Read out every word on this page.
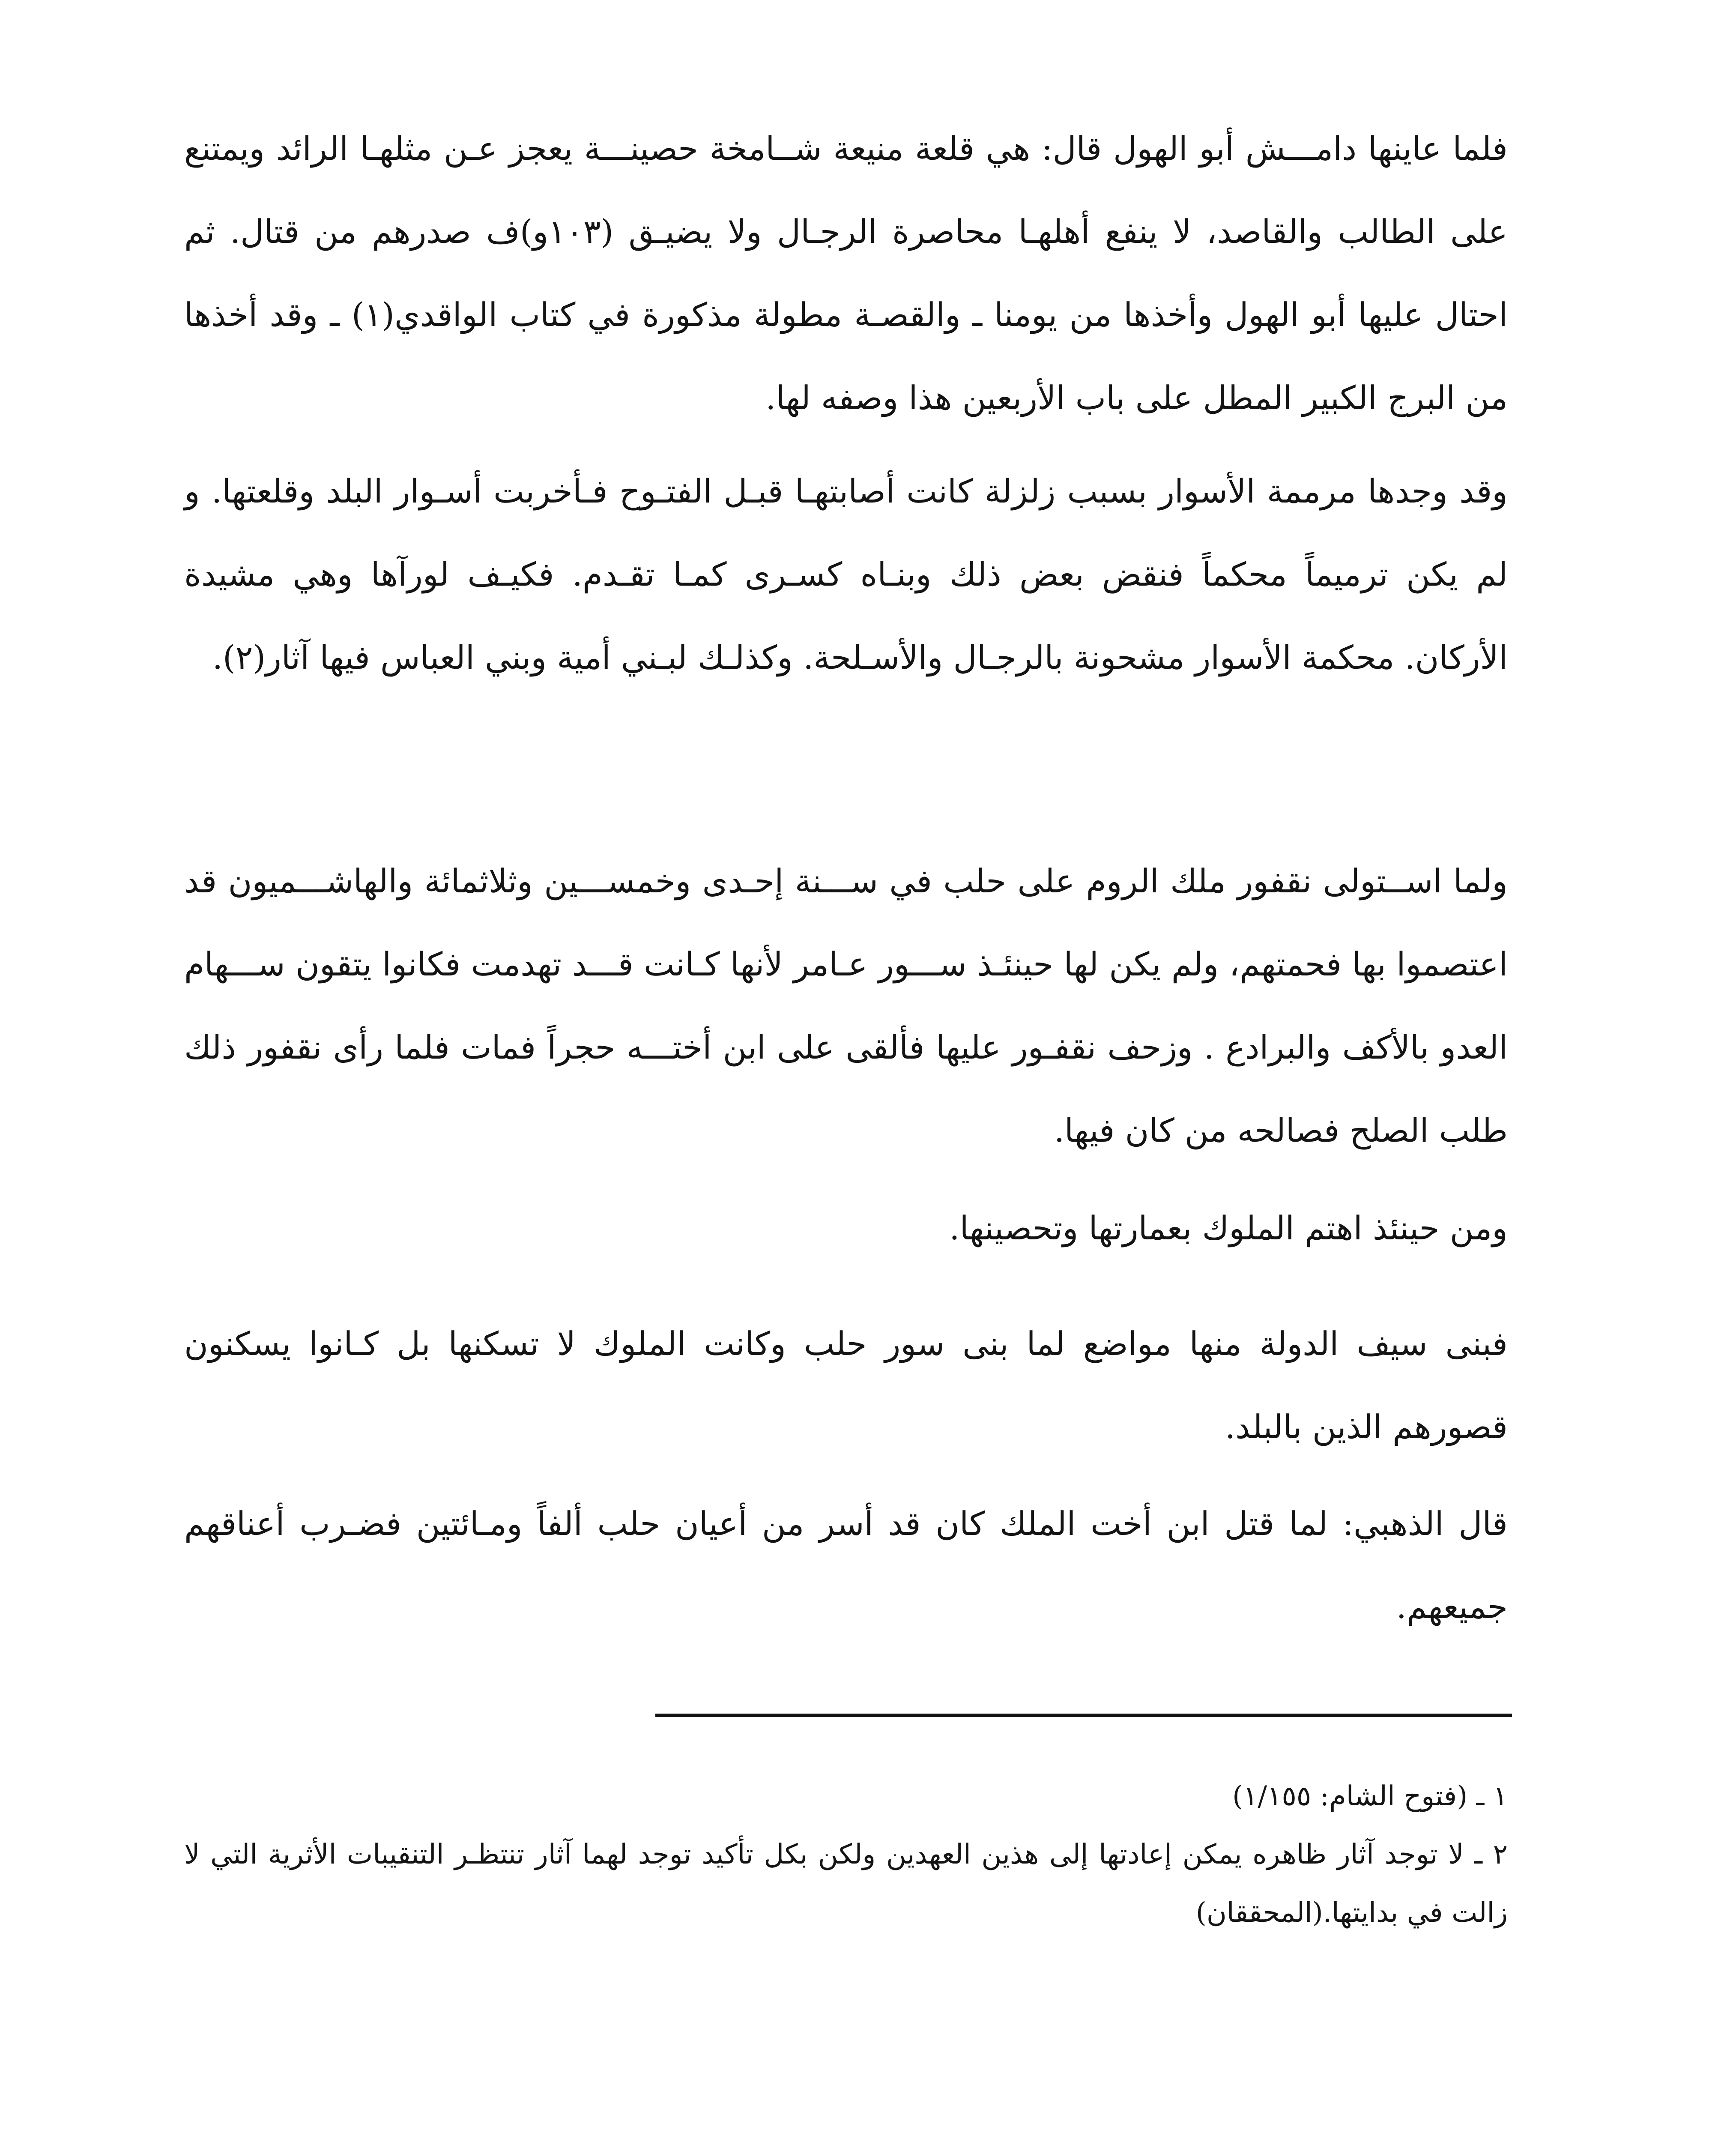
فلما عاينها دامـــش أبو الهول قال: هي قلعة منيعة شــامخة حصينـــة يعجز عـن مثلهـا الرائد ويمتنع على الطالب والقاصد، لا ينفع أهلهـا محاصرة الرجـال ولا يضيـق (١٠٣و)ف صدرهم من قتال. ثم احتال عليها أبو الهول وأخذها من يومنا ـ والقصـة مطولة مذكورة في كتاب الواقدي(١) ـ وقد أخذها من البرج الكبير المطل على باب الأربعين هذا وصفه لها.

وقد وجدها مرممة الأسوار بسبب زلزلة كانت أصابتهـا قبـل الفتـوح فـأخربت أسـوار البلد وقلعتها. و لم يكن ترميماً محكماً فنقض بعض ذلك وبنـاه كسـرى كمـا تقـدم. فكيـف لورآها وهي مشيدة الأركان. محكمة الأسوار مشحونة بالرجـال والأسـلحة. وكذلـك لبـني أمية وبني العباس فيها آثار(٢).

ولما اســتولى نقفور ملك الروم على حلب في ســـنة إحـدى وخمســـين وثلاثمائة والهاشـــميون قد اعتصموا بها فحمتهم، ولم يكن لها حينئـذ ســـور عـامر لأنها كـانت قـــد تهدمت فكانوا يتقون ســـهام العدو بالأكف والبرادع . وزحف نقفـور عليها فألقى على ابن أختـــه حجراً فمات فلما رأى نقفور ذلك طلب الصلح فصالحه من كان فيها.

ومن حينئذ اهتم الملوك بعمارتها وتحصينها.

فبنى سيف الدولة منها مواضع لما بنى سور حلب وكانت الملوك لا تسكنها بل كـانوا يسكنون قصورهم الذين بالبلد.

قال الذهبي: لما قتل ابن أخت الملك كان قد أسر من أعيان حلب ألفاً ومـائتين فضـرب أعناقهم جميعهم.

١ ـ (فتوح الشام: ١/١٥٥)

٢ ـ لا توجد آثار ظاهره يمكن إعادتها إلى هذين العهدين ولكن بكل تأكيد توجد لهما آثار تنتظـر التنقيبات الأثرية التي لا زالت في بدايتها.(المحققان)
